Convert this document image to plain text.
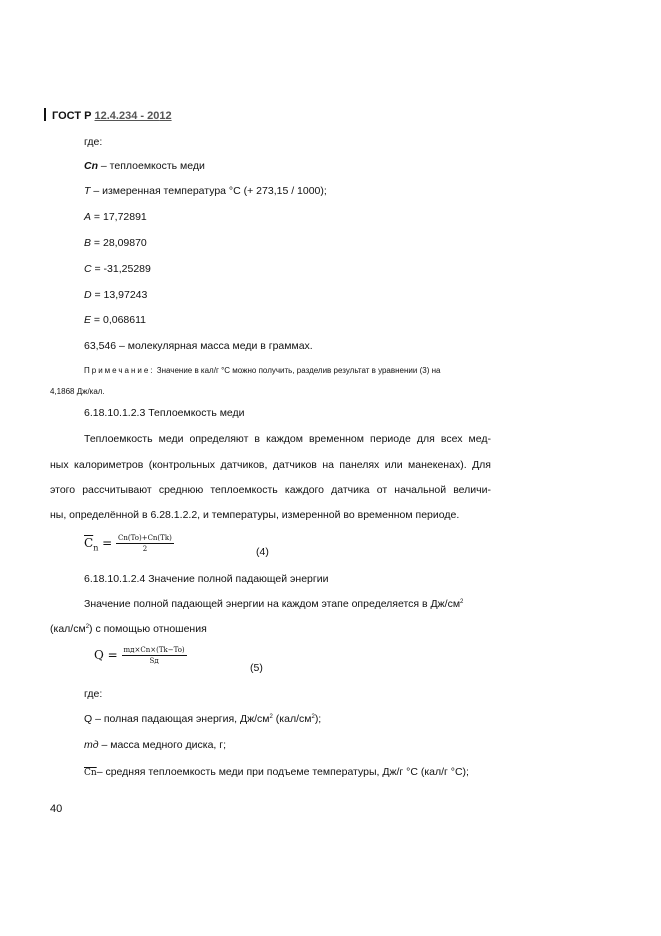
ГОСТ Р 12.4.234 - 2012
где:
Cn – теплоемкость меди
T – измеренная температура °С (+ 273,15 / 1000);
A = 17,72891
B = 28,09870
C = -31,25289
D = 13,97243
E = 0,068611
63,546 – молекулярная масса меди в граммах.
Примечание: Значение в кал/г °С можно получить, разделив результат в уравнении (3) на
4,1868 Дж/кал.
6.18.10.1.2.3 Теплоемкость меди
Теплоемкость меди определяют в каждом временном периоде для всех мед-
ных калориметров (контрольных датчиков, датчиков на панелях или манекенах). Для
этого рассчитывают среднюю теплоемкость каждого датчика от начальной величи-
ны, определённой в 6.28.1.2.2, и температуры, измеренной во временном периоде.
$\overline{C}_n = \frac{Cn(To)+Cn(Tk)}{2}$	(4)
6.18.10.1.2.4 Значение полной падающей энергии
Значение полной падающей энергии на каждом этапе определяется в $Дж/см^2$
$(кал/см^2)$ с помощью отношения
$Q = \frac{mд\times Cn\times(Tk-To)}{Sд}$
(5)
где:
Q – полная падающая энергия, $Дж/см^2$ $(кал/см^2)$;
mд – масса медного диска, г;
$\overline{Cn}-$ средняя теплоемкость меди при подъеме температуры, Дж/г °С (кал/г °С);
40
